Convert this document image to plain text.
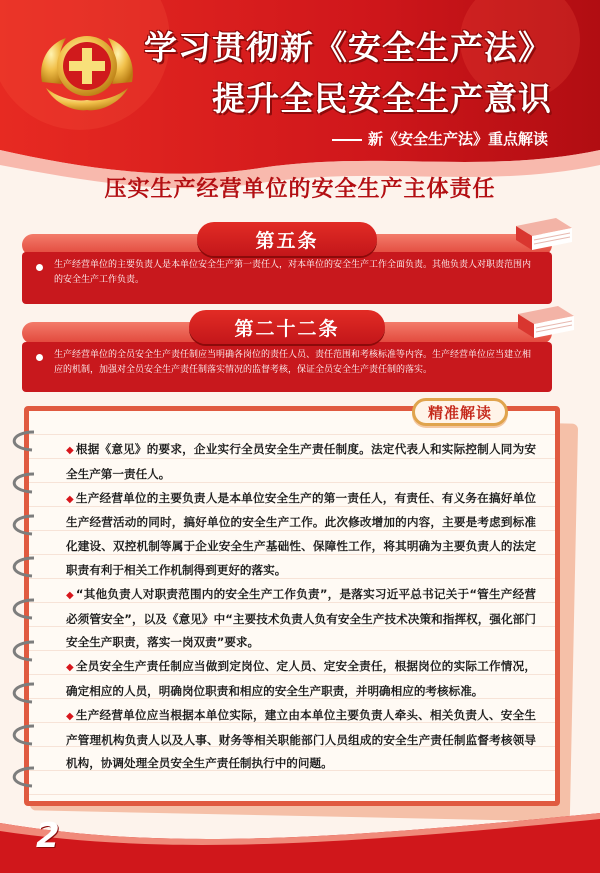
学习贯彻新《安全生产法》
提升全民安全生产意识
新《安全生产法》重点解读
压实生产经营单位的安全生产主体责任
第五条
生产经营单位的主要负责人是本单位安全生产第一责任人，对本单位的安全生产工作全面负责。其他负责人对职责范围内的安全生产工作负责。
第二十二条
生产经营单位的全员安全生产责任制应当明确各岗位的责任人员、责任范围和考核标准等内容。生产经营单位应当建立相应的机制，加强对全员安全生产责任制落实情况的监督考核，保证全员安全生产责任制的落实。
精准解读

◆ 根据《意见》的要求，企业实行全员安全生产责任制度。法定代表人和实际控制人同为安全生产第一责任人。

◆ 生产经营单位的主要负责人是本单位安全生产的第一责任人，有责任、有义务在搞好单位生产经营活动的同时，搞好单位的安全生产工作。此次修改增加的内容，主要是考虑到标准化建设、双控机制等属于企业安全生产基础性、保障性工作，将其明确为主要负责人的法定职责有利于相关工作机制得到更好的落实。

◆ “其他负责人对职责范围内的安全生产工作负责”，是落实习近平总书记关于“管生产经营必须管安全”，以及《意见》中“主要技术负责人负有安全生产技术决策和指挥权，强化部门安全生产职责，落实一岗双责”要求。

◆ 全员安全生产责任制应当做到定岗位、定人员、定安全责任，根据岗位的实际工作情况，确定相应的人员，明确岗位职责和相应的安全生产职责，并明确相应的考核标准。

◆ 生产经营单位应当根据本单位实际，建立由本单位主要负责人牵头、相关负责人、安全生产管理机构负责人以及人事、财务等相关职能部门人员组成的安全生产责任制监督考核领导机构，协调处理全员安全生产责任制执行中的问题。

2
